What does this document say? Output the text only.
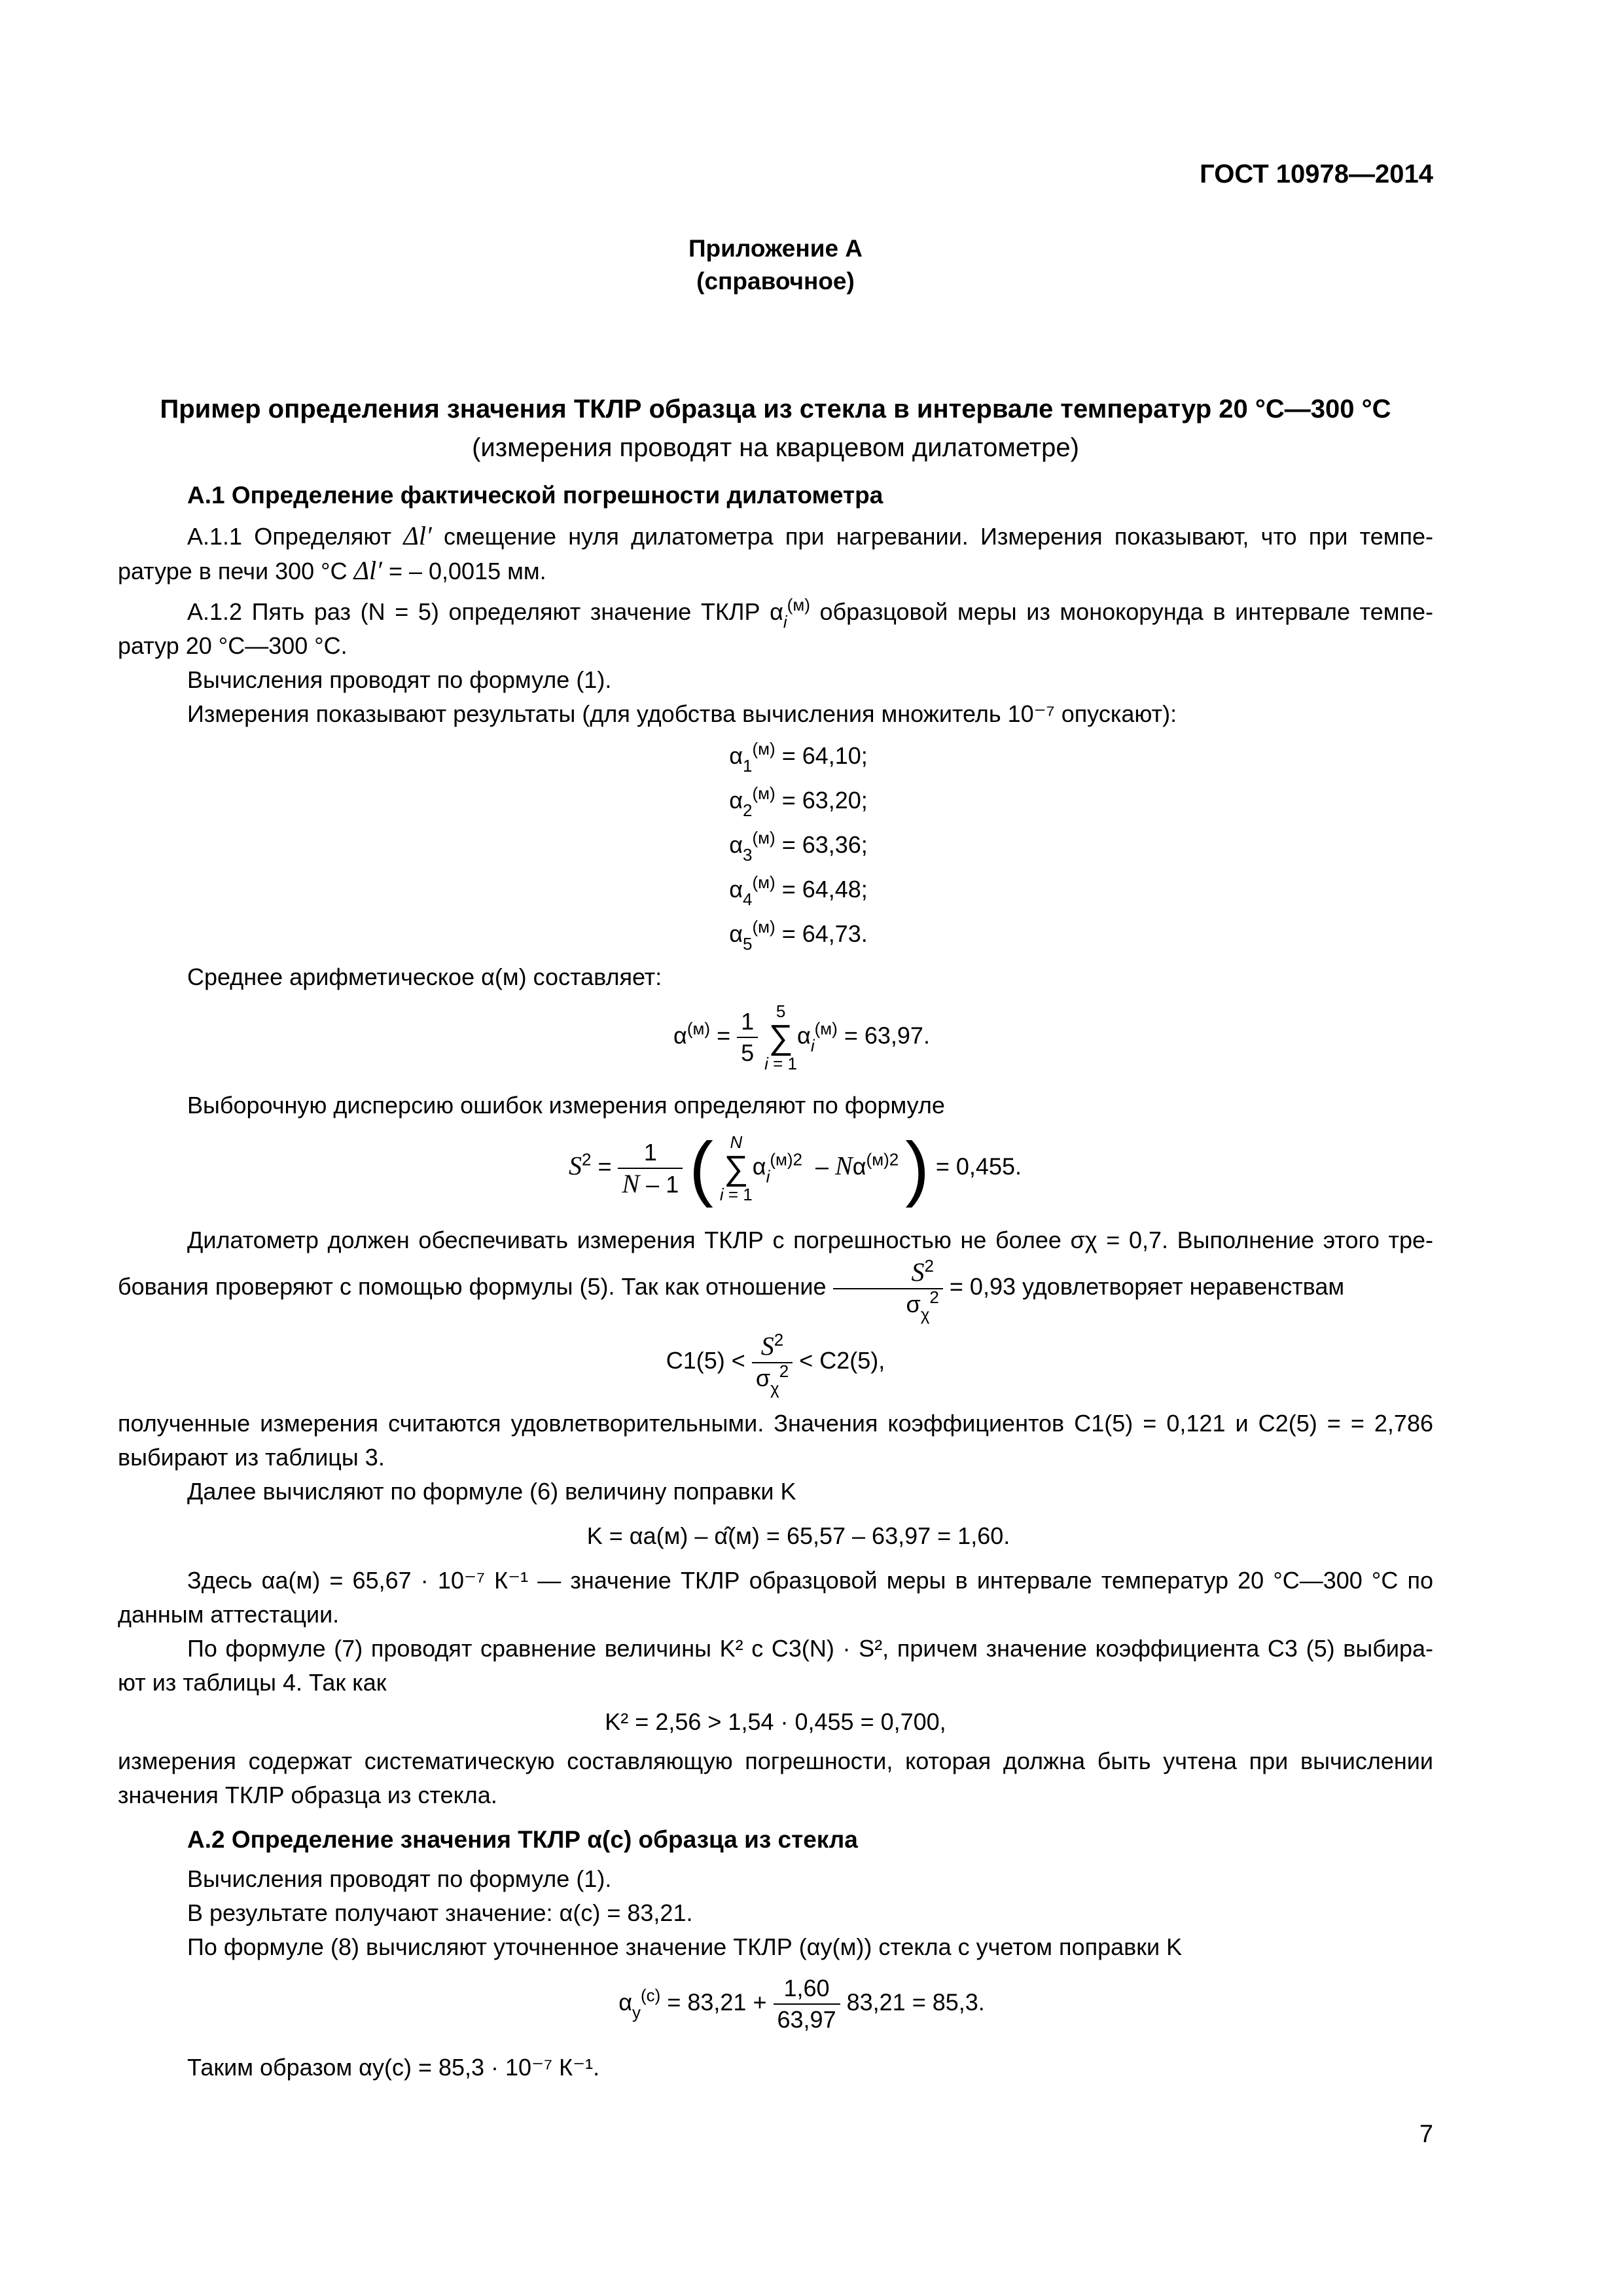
ГОСТ 10978—2014
Приложение А
(справочное)
Пример определения значения ТКЛР образца из стекла в интервале температур 20 °С—300 °С
(измерения проводят на кварцевом дилатометре)
А.1 Определение фактической погрешности дилатометра
А.1.1 Определяют Δl′ смещение нуля дилатометра при нагревании. Измерения показывают, что при темпе-ратуре в печи 300 °С Δl′ = – 0,0015 мм.
А.1.2 Пять раз (N = 5) определяют значение ТКЛР $\alpha_i^{(м)}$ образцовой меры из монокорунда в интервале темпе-ратур 20 °С—300 °С.
Вычисления проводят по формуле (1).
Измерения показывают результаты (для удобства вычисления множитель 10⁻⁷ опускают):
$\alpha_1^{(м)} = 64,10$;
$\alpha_2^{(м)} = 63,20$;
$\alpha_3^{(м)} = 63,36$;
$\alpha_4^{(м)} = 64,48$;
$\alpha_5^{(м)} = 64,73$.
Среднее арифметическое α(м) составляет:
$\alpha^{(м)} = \frac{1}{5} 5$
∑
$i = 1\alpha_i^{(м)} = 63,97$.
Выборочную дисперсию ошибок измерения определяют по формуле
$S^2 = \frac{1}{N - 1}$ ( N
∑
$i = 1\alpha_i^{(м)2} - N\alpha^{(м)2}$ ) = 0,455.
Дилатометр должен обеспечивать измерения ТКЛР с погрешностью не более σχ = 0,7. Выполнение этого тре-бования проверяют с помощью формулы (5). Так как отношение $\frac{S^2}{\sigma_\chi^2} = 0,93$ удовлетворяет неравенствам
$C1(5) < \frac{S^2}{\sigma_\chi^2} < C2(5)$,
полученные измерения считаются удовлетворительными. Значения коэффициентов C1(5) = 0,121 и C2(5) = = 2,786 выбирают из таблицы 3.
Далее вычисляют по формуле (6) величину поправки K
K = αa(м) – α̂(м) = 65,57 – 63,97 = 1,60.
Здесь αa(м) = 65,67 · 10⁻⁷ К⁻¹ — значение ТКЛР образцовой меры в интервале температур 20 °С—300 °С по данным аттестации.
По формуле (7) проводят сравнение величины K² с C3(N) · S², причем значение коэффициента C3 (5) выбира-ют из таблицы 4. Так как
K² = 2,56 > 1,54 · 0,455 = 0,700,
измерения содержат систематическую составляющую погрешности, которая должна быть учтена при вычислении значения ТКЛР образца из стекла.
А.2 Определение значения ТКЛР α(с) образца из стекла
Вычисления проводят по формуле (1).
В результате получают значение: α(с) = 83,21.
По формуле (8) вычисляют уточненное значение ТКЛР (αу(м)) стекла с учетом поправки K
$\alpha_у^{(с)} = 83,21 + \frac{1,60}{63,97} 83,21 = 85,3$.
Таким образом αу(с) = 85,3 · 10⁻⁷ К⁻¹.
7
